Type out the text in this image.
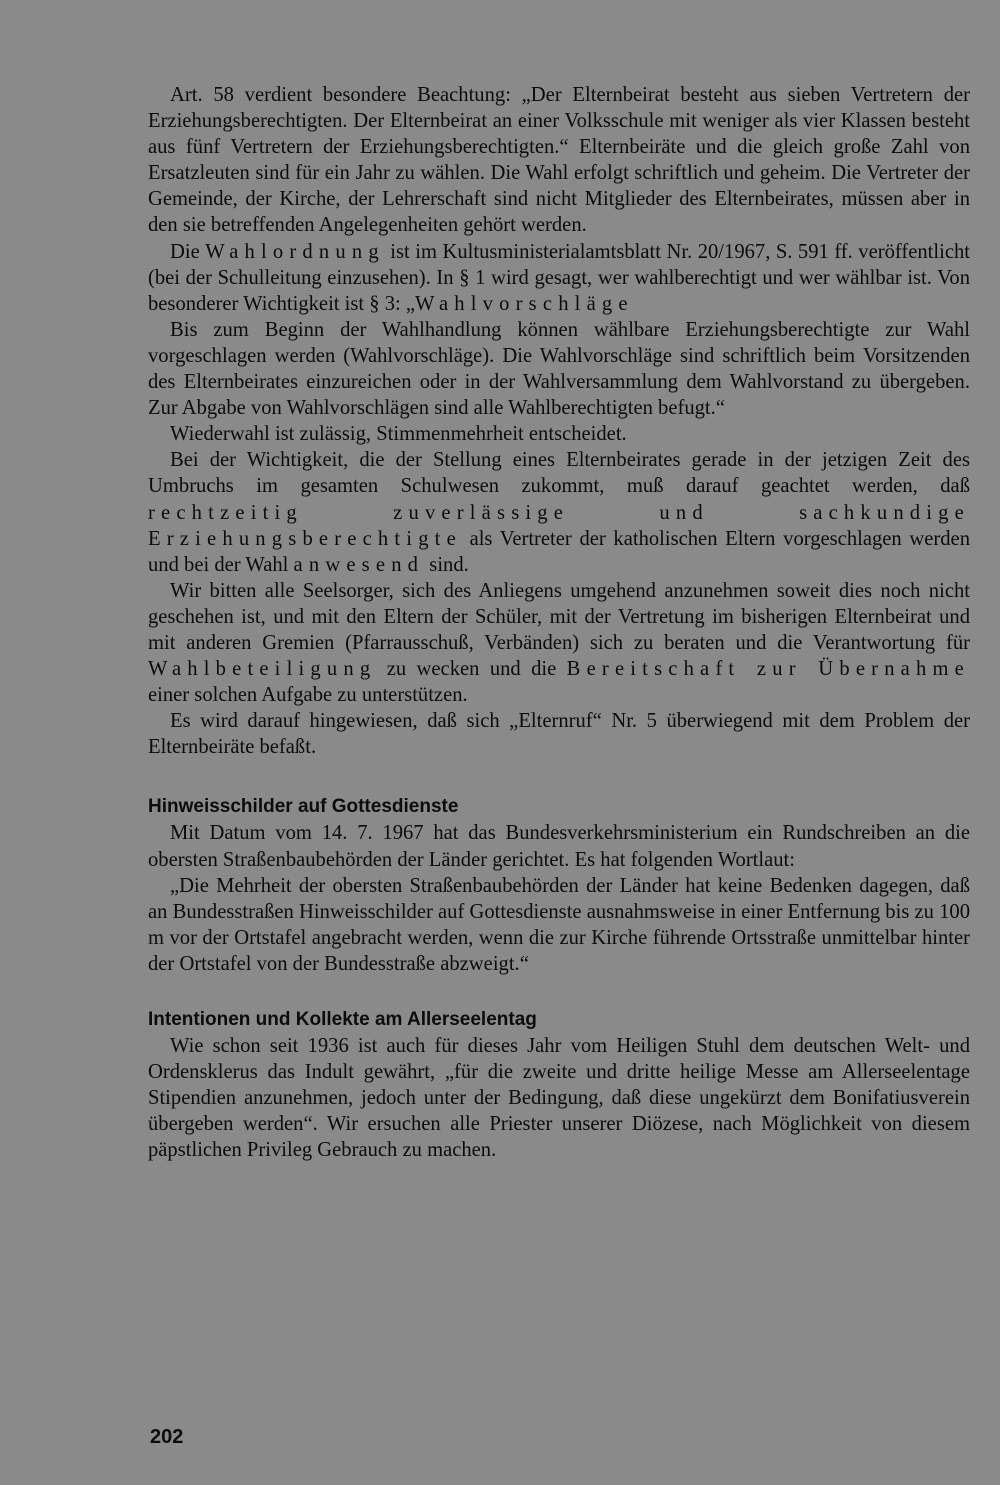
Art. 58 verdient besondere Beachtung: „Der Elternbeirat besteht aus sieben Vertretern der Erziehungsberechtigten. Der Elternbeirat an einer Volksschule mit weniger als vier Klassen besteht aus fünf Vertretern der Erziehungsberechtigten.“ Elternbeiräte und die gleich große Zahl von Ersatzleuten sind für ein Jahr zu wählen. Die Wahl erfolgt schriftlich und geheim. Die Vertreter der Gemeinde, der Kirche, der Lehrerschaft sind nicht Mitglieder des Elternbeirates, müssen aber in den sie betreffenden Angelegenheiten gehört werden.

Die Wahlordnung ist im Kultusministerialamtsblatt Nr. 20/1967, S. 591 ff. veröffentlicht (bei der Schulleitung einzusehen). In § 1 wird gesagt, wer wahlberechtigt und wer wählbar ist. Von besonderer Wichtigkeit ist § 3: „Wahlvorschläge

Bis zum Beginn der Wahlhandlung können wählbare Erziehungsberechtigte zur Wahl vorgeschlagen werden (Wahlvorschläge). Die Wahlvorschläge sind schriftlich beim Vorsitzenden des Elternbeirates einzureichen oder in der Wahlversammlung dem Wahlvorstand zu übergeben. Zur Abgabe von Wahlvorschlägen sind alle Wahlberechtigten befugt.“

Wiederwahl ist zulässig, Stimmenmehrheit entscheidet.

Bei der Wichtigkeit, die der Stellung eines Elternbeirates gerade in der jetzigen Zeit des Umbruchs im gesamten Schulwesen zukommt, muß darauf geachtet werden, daß rechtzeitig zuverlässige und sachkundige Erziehungsberechtigte als Vertreter der katholischen Eltern vorgeschlagen werden und bei der Wahl anwesend sind.

Wir bitten alle Seelsorger, sich des Anliegens umgehend anzunehmen soweit dies noch nicht geschehen ist, und mit den Eltern der Schüler, mit der Vertretung im bisherigen Elternbeirat und mit anderen Gremien (Pfarrausschuß, Verbänden) sich zu beraten und die Verantwortung für Wahlbeteiligung zu wecken und die Bereitschaft zur Übernahme einer solchen Aufgabe zu unterstützen.

Es wird darauf hingewiesen, daß sich „Elternruf“ Nr. 5 überwiegend mit dem Problem der Elternbeiräte befaßt.

Hinweisschilder auf Gottesdienste

Mit Datum vom 14. 7. 1967 hat das Bundesverkehrsministerium ein Rundschreiben an die obersten Straßenbaubehörden der Länder gerichtet. Es hat folgenden Wortlaut:

„Die Mehrheit der obersten Straßenbaubehörden der Länder hat keine Bedenken dagegen, daß an Bundesstraßen Hinweisschilder auf Gottesdienste ausnahmsweise in einer Entfernung bis zu 100 m vor der Ortstafel angebracht werden, wenn die zur Kirche führende Ortsstraße unmittelbar hinter der Ortstafel von der Bundesstraße abzweigt.“

Intentionen und Kollekte am Allerseelentag

Wie schon seit 1936 ist auch für dieses Jahr vom Heiligen Stuhl dem deutschen Welt- und Ordensklerus das Indult gewährt, „für die zweite und dritte heilige Messe am Allerseelentage Stipendien anzunehmen, jedoch unter der Bedingung, daß diese ungekürzt dem Bonifatiusverein übergeben werden“. Wir ersuchen alle Priester unserer Diözese, nach Möglichkeit von diesem päpstlichen Privileg Gebrauch zu machen.

202
